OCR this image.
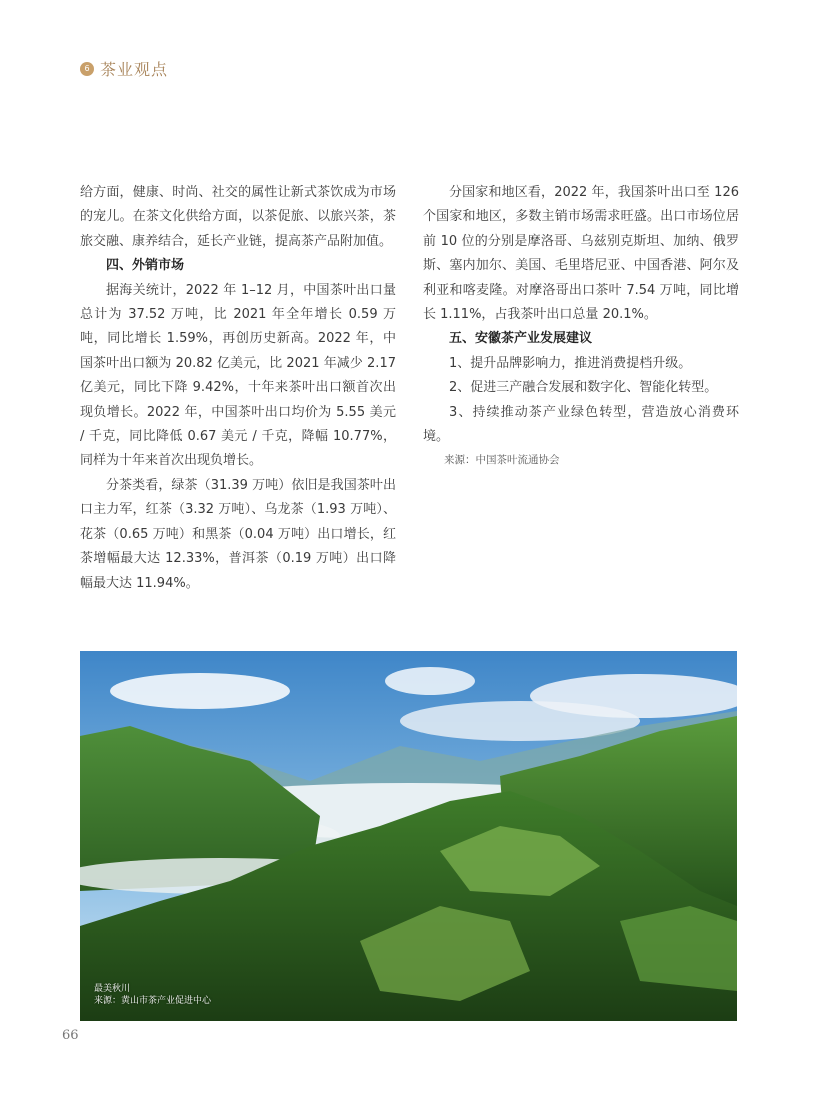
6 茶业观点

给方面，健康、时尚、社交的属性让新式茶饮成为市场的宠儿。在茶文化供给方面，以茶促旅、以旅兴茶，茶旅交融、康养结合，延长产业链，提高茶产品附加值。

四、外销市场

据海关统计，2022 年 1–12 月，中国茶叶出口量总计为 37.52 万吨，比 2021 年全年增长 0.59 万吨，同比增长 1.59%，再创历史新高。2022 年，中国茶叶出口额为 20.82 亿美元，比 2021 年减少 2.17 亿美元，同比下降 9.42%，十年来茶叶出口额首次出现负增长。2022 年，中国茶叶出口均价为 5.55 美元 / 千克，同比降低 0.67 美元 / 千克，降幅 10.77%，同样为十年来首次出现负增长。

分茶类看，绿茶（31.39 万吨）依旧是我国茶叶出口主力军，红茶（3.32 万吨）、乌龙茶（1.93 万吨）、花茶（0.65 万吨）和黑茶（0.04 万吨）出口增长，红茶增幅最大达 12.33%，普洱茶（0.19 万吨）出口降幅最大达 11.94%。

分国家和地区看，2022 年，我国茶叶出口至 126 个国家和地区，多数主销市场需求旺盛。出口市场位居前 10 位的分别是摩洛哥、乌兹别克斯坦、加纳、俄罗斯、塞内加尔、美国、毛里塔尼亚、中国香港、阿尔及利亚和喀麦隆。对摩洛哥出口茶叶 7.54 万吨，同比增长 1.11%，占我茶叶出口总量 20.1%。

五、安徽茶产业发展建议

1、提升品牌影响力，推进消费提档升级。

2、促进三产融合发展和数字化、智能化转型。

3、持续推动茶产业绿色转型，营造放心消费环境。

来源：中国茶叶流通协会

最美秋川
来源：黄山市茶产业促进中心
66
